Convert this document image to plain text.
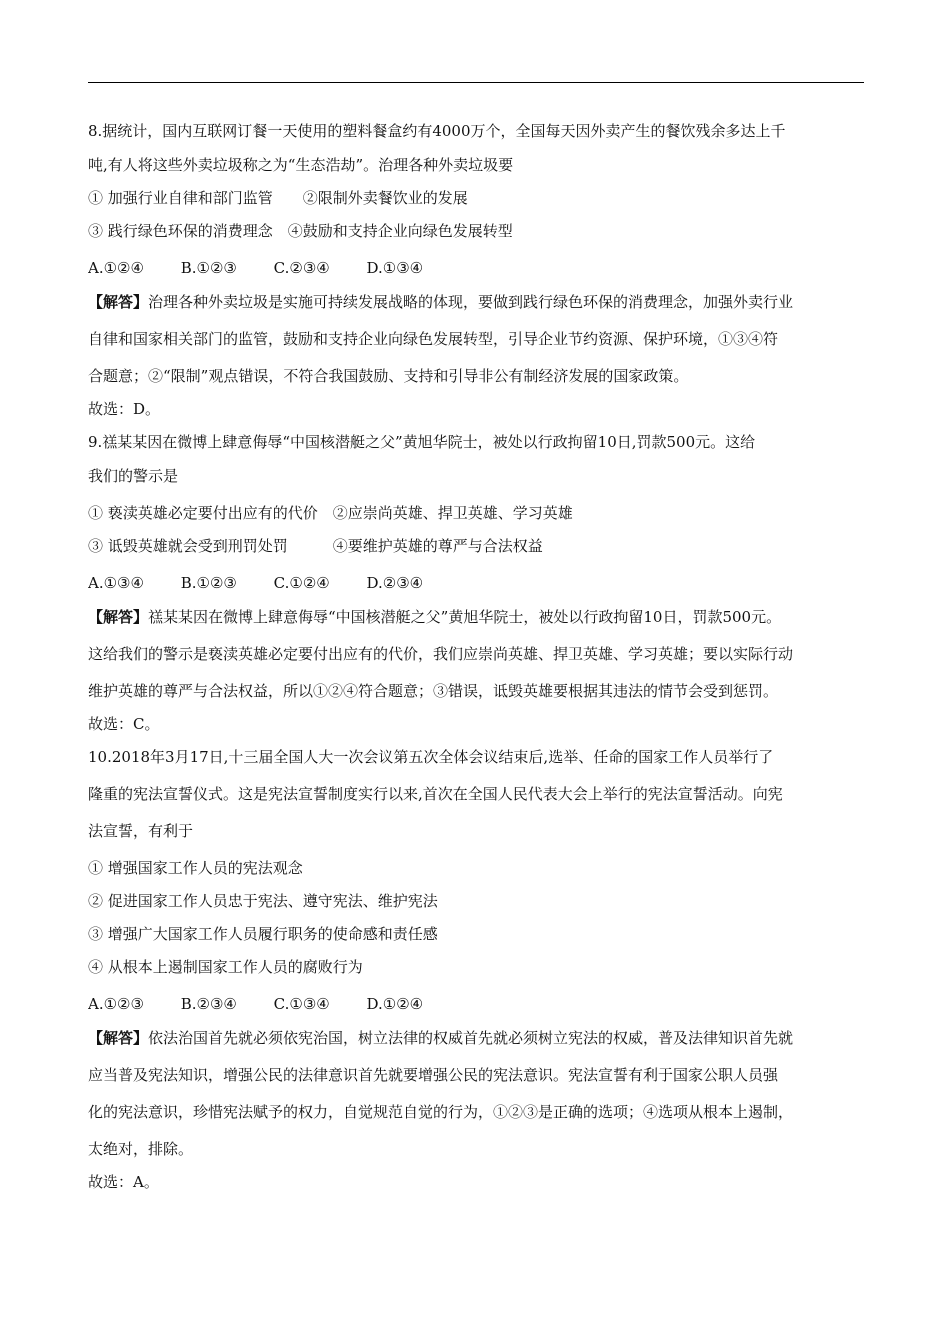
8.据统计，国内互联网订餐一天使用的塑料餐盒约有4000万个，全国每天因外卖产生的餐饮残余多达上千
吨,有人将这些外卖垃圾称之为“生态浩劫”。治理各种外卖垃圾要
① 加强行业自律和部门监管　　②限制外卖餐饮业的发展
③ 践行绿色环保的消费理念　④鼓励和支持企业向绿色发展转型
A.①②④ B.①②③ C.②③④ D.①③④
【解答】治理各种外卖垃圾是实施可持续发展战略的体现，要做到践行绿色环保的消费理念，加强外卖行业
自律和国家相关部门的监管，鼓励和支持企业向绿色发展转型，引导企业节约资源、保护环境，①③④符
合题意；②“限制”观点错误，不符合我国鼓励、支持和引导非公有制经济发展的国家政策。
故选：D。
9.禚某某因在微博上肆意侮辱“中国核潜艇之父”黄旭华院士，被处以行政拘留10日,罚款500元。这给
我们的警示是
① 亵渎英雄必定要付出应有的代价　②应崇尚英雄、捍卫英雄、学习英雄
③ 诋毁英雄就会受到刑罚处罚　　　④要维护英雄的尊严与合法权益
A.①③④ B.①②③ C.①②④ D.②③④
【解答】禚某某因在微博上肆意侮辱“中国核潜艇之父”黄旭华院士，被处以行政拘留10日，罚款500元。
这给我们的警示是亵渎英雄必定要付出应有的代价，我们应崇尚英雄、捍卫英雄、学习英雄；要以实际行动
维护英雄的尊严与合法权益，所以①②④符合题意；③错误，诋毁英雄要根据其违法的情节会受到惩罚。
故选：C。
10.2018年3月17日,十三届全国人大一次会议第五次全体会议结束后,选举、任命的国家工作人员举行了
隆重的宪法宣誓仪式。这是宪法宣誓制度实行以来,首次在全国人民代表大会上举行的宪法宣誓活动。向宪
法宣誓，有利于
① 增强国家工作人员的宪法观念
② 促进国家工作人员忠于宪法、遵守宪法、维护宪法
③ 增强广大国家工作人员履行职务的使命感和责任感
④ 从根本上遏制国家工作人员的腐败行为
A.①②③ B.②③④ C.①③④ D.①②④
【解答】依法治国首先就必须依宪治国，树立法律的权威首先就必须树立宪法的权威，普及法律知识首先就
应当普及宪法知识，增强公民的法律意识首先就要增强公民的宪法意识。宪法宣誓有利于国家公职人员强
化的宪法意识，珍惜宪法赋予的权力，自觉规范自觉的行为，①②③是正确的选项；④选项从根本上遏制，
太绝对，排除。
故选：A。
